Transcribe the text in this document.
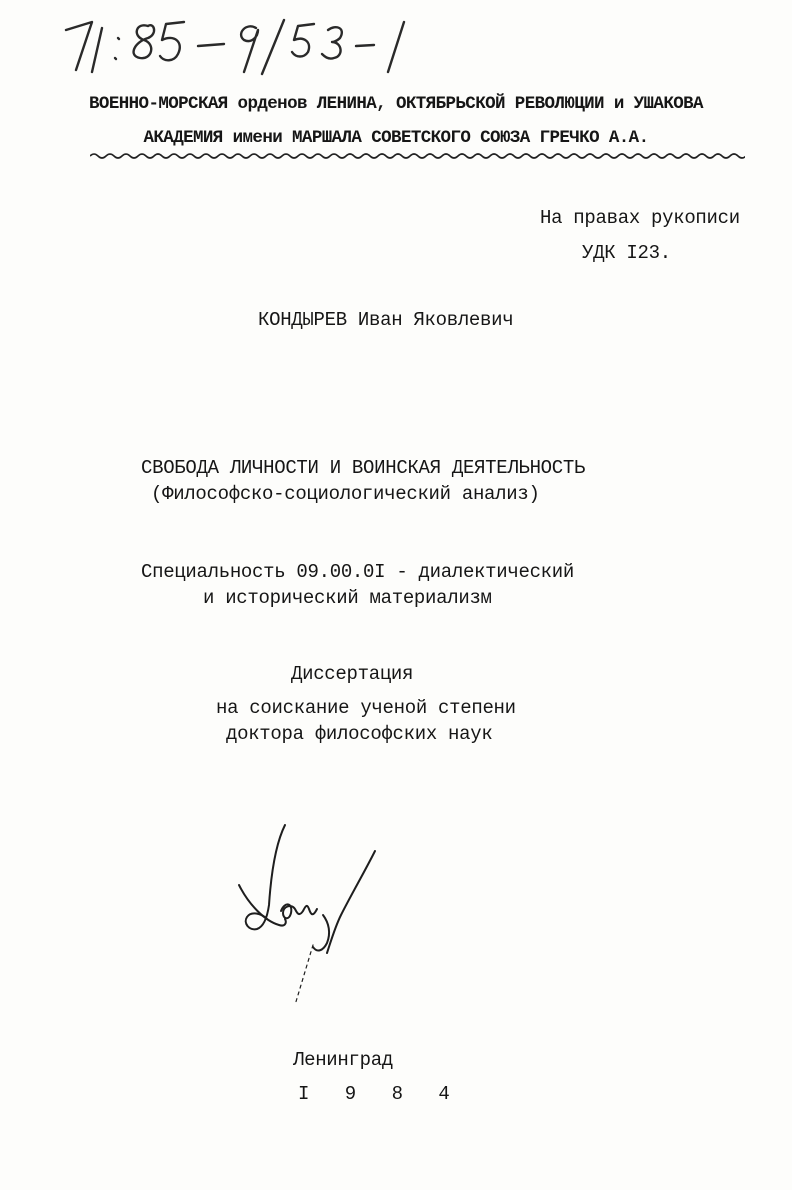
ВОЕННО-МОРСКАЯ орденов ЛЕНИНА, ОКТЯБРЬСКОЙ РЕВОЛЮЦИИ и УШАКОВА
АКАДЕМИЯ имени МАРШАЛА СОВЕТСКОГО СОЮЗА ГРЕЧКО А.А.
На правах рукописи
УДК I23.
КОНДЫРЕВ Иван Яковлевич
СВОБОДА ЛИЧНОСТИ И ВОИНСКАЯ ДЕЯТЕЛЬНОСТЬ
(Философско-социологический анализ)
Специальность 09.00.0I - диалектический
и исторический материализм
Диссертация
на соискание ученой степени
доктора философских наук
Ленинград
I 9 8 4
